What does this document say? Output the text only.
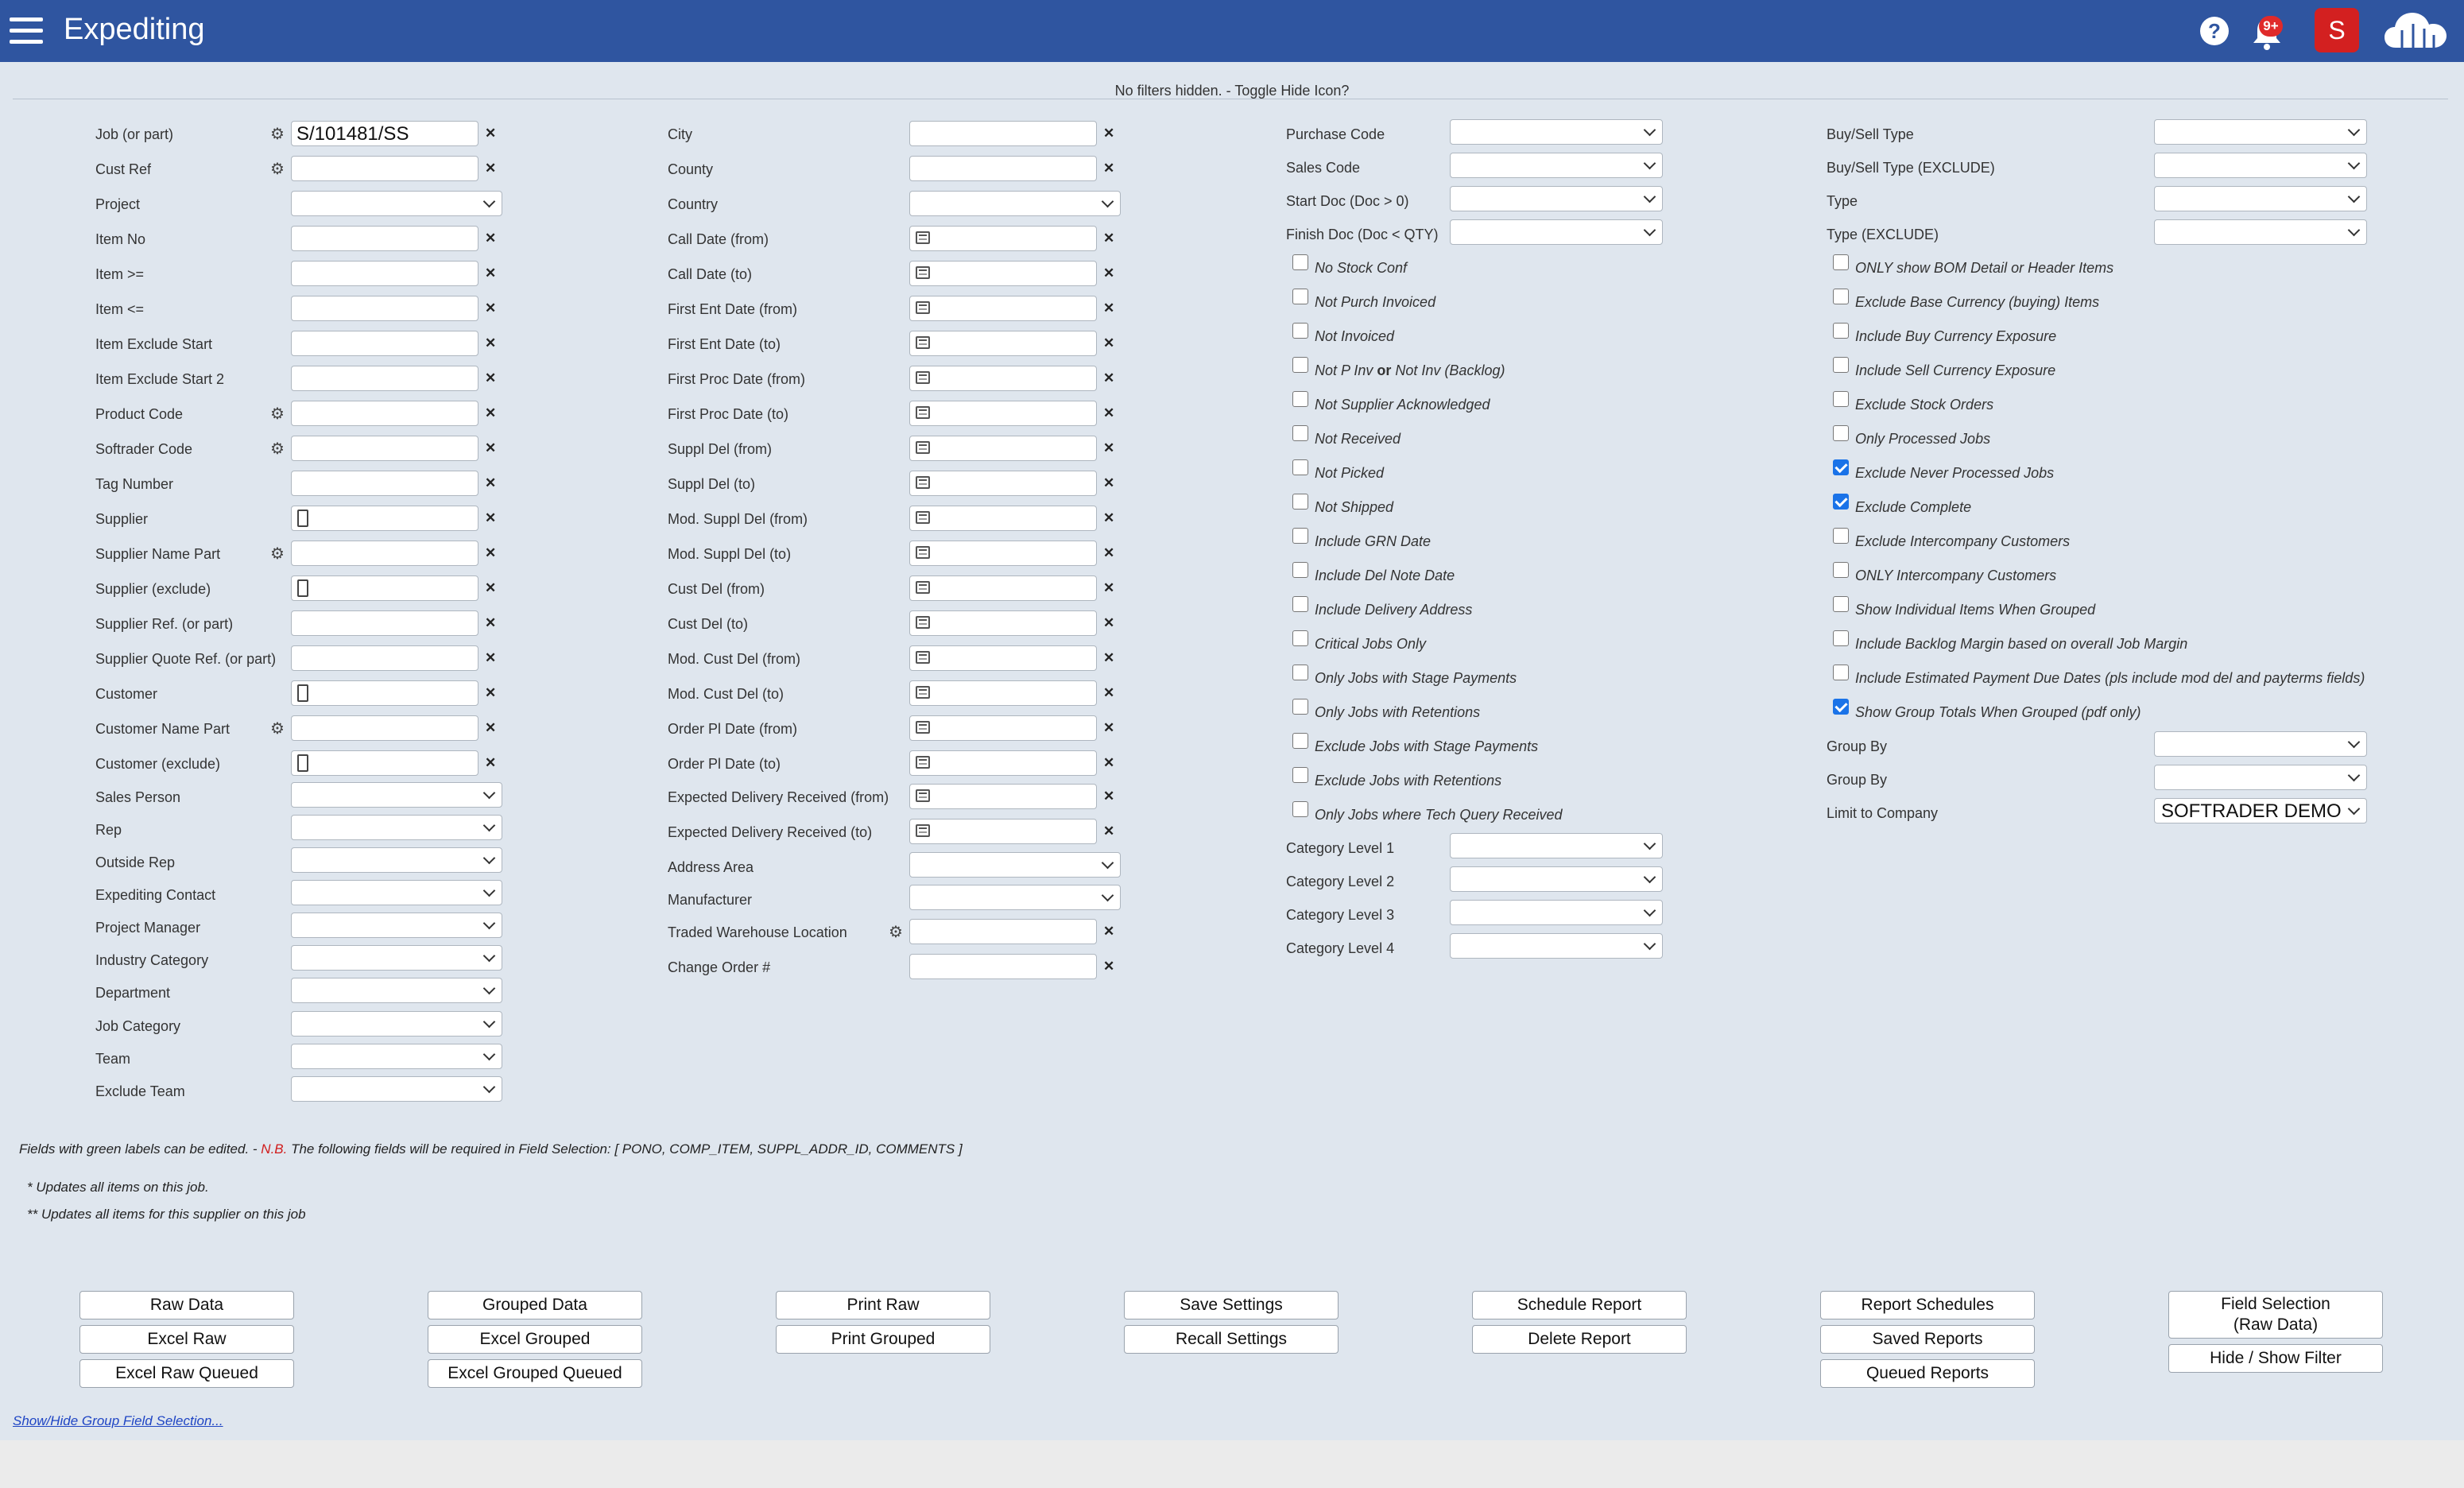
Expediting	?	9+	S
No filters hidden. - Toggle Hide Icon?
Job (or part)	⚙ S/101481/SS	✕
Cust Ref	⚙	✕
Project
Item No	✕
Item >=	✕
Item <=	✕
Item Exclude Start	✕
Item Exclude Start 2	✕
Product Code	⚙	✕
Softrader Code	⚙	✕
Tag Number	✕
Supplier	✕
Supplier Name Part	⚙	✕
Supplier (exclude)	✕
Supplier Ref. (or part)	✕
Supplier Quote Ref. (or part)	✕
Customer	✕
Customer Name Part	⚙	✕
Customer (exclude)	✕
Sales Person
Rep
Outside Rep
Expediting Contact
Project Manager
Industry Category
Department
Job Category
Team
Exclude Team
City	✕
County	✕
Country
Call Date (from)	✕
Call Date (to)	✕
First Ent Date (from)	✕
First Ent Date (to)	✕
First Proc Date (from)	✕
First Proc Date (to)	✕
Suppl Del (from)	✕
Suppl Del (to)	✕
Mod. Suppl Del (from)	✕
Mod. Suppl Del (to)	✕
Cust Del (from)	✕
Cust Del (to)	✕
Mod. Cust Del (from)	✕
Mod. Cust Del (to)	✕
Order Pl Date (from)	✕
Order Pl Date (to)	✕
Expected Delivery Received (from)	✕
Expected Delivery Received (to)	✕
Address Area
Manufacturer
Traded Warehouse Location	⚙	✕
Change Order #	✕
Purchase Code
Sales Code
Start Doc (Doc > 0)
Finish Doc (Doc < QTY)
No Stock Conf
Not Purch Invoiced
Not Invoiced
Not P Inv or Not Inv (Backlog)
Not Supplier Acknowledged
Not Received
Not Picked
Not Shipped
Include GRN Date
Include Del Note Date
Include Delivery Address
Critical Jobs Only
Only Jobs with Stage Payments
Only Jobs with Retentions
Exclude Jobs with Stage Payments
Exclude Jobs with Retentions
Only Jobs where Tech Query Received
Category Level 1
Category Level 2
Category Level 3
Category Level 4
Buy/Sell Type
Buy/Sell Type (EXCLUDE)
Type
Type (EXCLUDE)
ONLY show BOM Detail or Header Items
Exclude Base Currency (buying) Items
Include Buy Currency Exposure
Include Sell Currency Exposure
Exclude Stock Orders
Only Processed Jobs
Exclude Never Processed Jobs
Exclude Complete
Exclude Intercompany Customers
ONLY Intercompany Customers
Show Individual Items When Grouped
Include Backlog Margin based on overall Job Margin
Include Estimated Payment Due Dates (pls include mod del and payterms fields)
Show Group Totals When Grouped (pdf only)
Group By
Group By
Limit to Company	SOFTRADER DEMO
Fields with green labels can be edited. - N.B. The following fields will be required in Field Selection: [ PONO, COMP_ITEM, SUPPL_ADDR_ID, COMMENTS ]
* Updates all items on this job.
** Updates all items for this supplier on this job
Raw Data
Excel Raw
Excel Raw Queued
Grouped Data
Excel Grouped
Excel Grouped Queued
Print Raw
Print Grouped
Save Settings
Recall Settings
Schedule Report
Delete Report
Report Schedules
Saved Reports
Queued Reports
Field Selection
(Raw Data)
Hide / Show Filter
Show/Hide Group Field Selection...
